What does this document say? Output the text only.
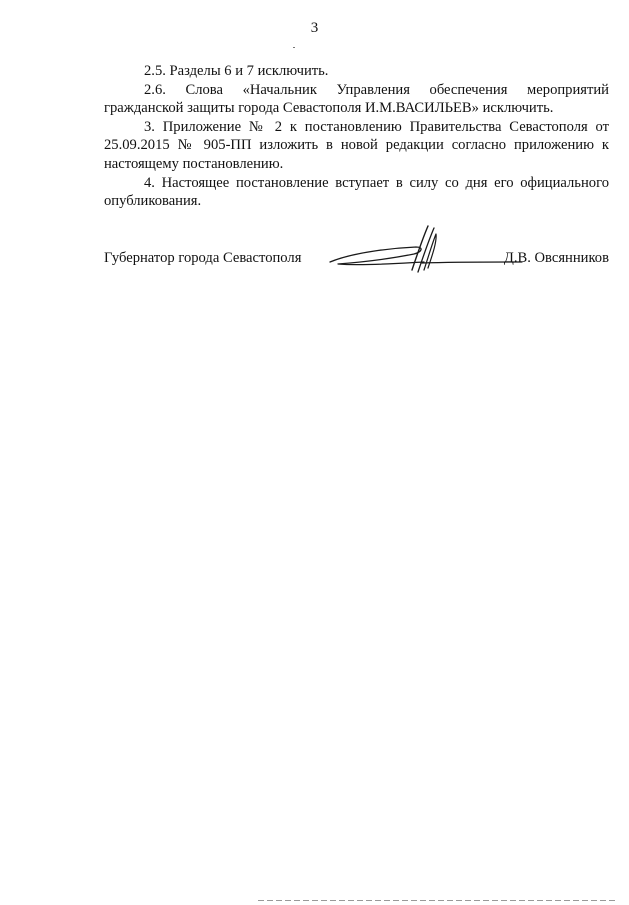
3

2.5. Разделы 6 и 7 исключить.

2.6. Слова «Начальник Управления обеспечения мероприятий гражданской защиты города Севастополя И.М.ВАСИЛЬЕВ» исключить.

3. Приложение № 2 к постановлению Правительства Севастополя от 25.09.2015 № 905-ПП изложить в новой редакции согласно приложению к настоящему постановлению.

4. Настоящее постановление вступает в силу со дня его официального опубликования.

Губернатор города Севастополя	Д.В. Овсянников
